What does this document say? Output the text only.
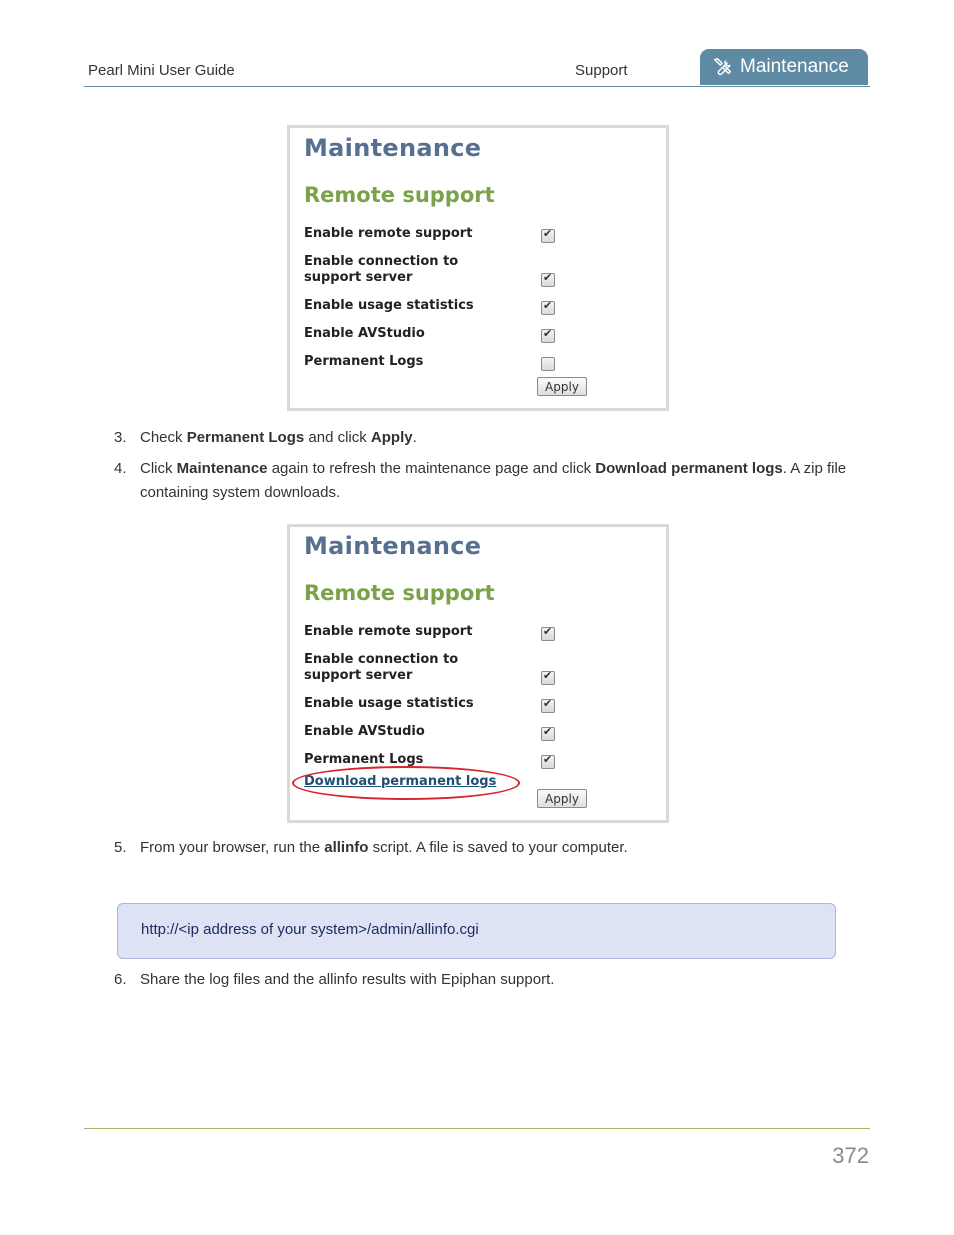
Pearl Mini User Guide	Support	Maintenance
Maintenance
Remote support
Enable remote support
✔
Enable connection to support server
✔
Enable usage statistics
✔
Enable AVStudio
✔
Permanent Logs
Apply
3. Check Permanent Logs and click Apply.
4. Click Maintenance again to refresh the maintenance page and click Download permanent logs. A zip file containing system downloads.
Maintenance
Remote support
Enable remote support
✔
Enable connection to support server
✔
Enable usage statistics
✔
Enable AVStudio
✔
Permanent Logs
✔
Download permanent logs
Apply
5. From your browser, run the allinfo script. A file is saved to your computer.
http://<ip address of your system>/admin/allinfo.cgi
6. Share the log files and the allinfo results with Epiphan support.
372
